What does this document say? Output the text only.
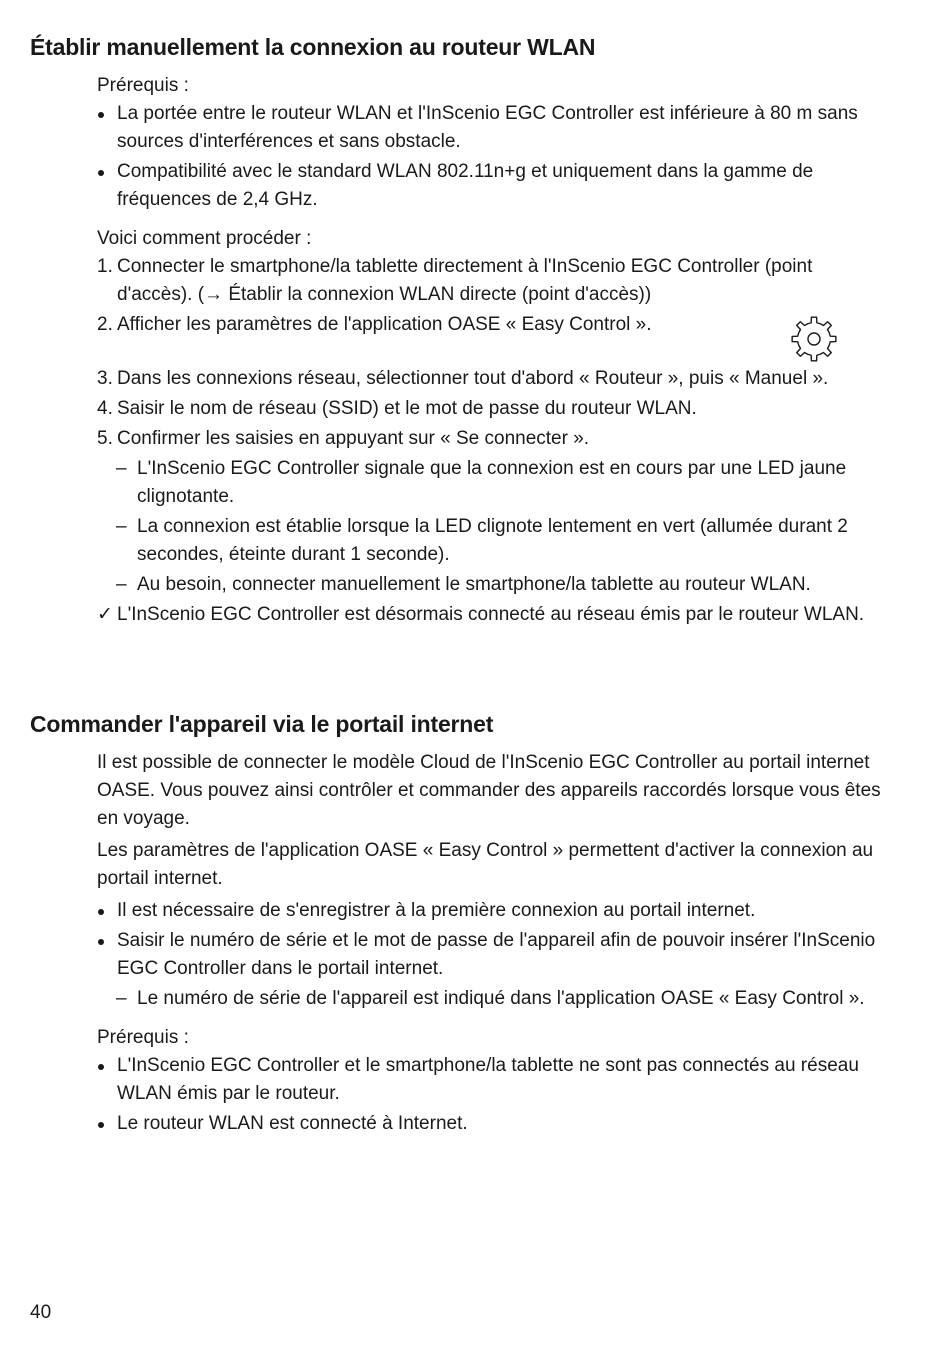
Établir manuellement la connexion au routeur WLAN

Prérequis :

La portée entre le routeur WLAN et l'InScenio EGC Controller est inférieure à 80 m sans sources d'interférences et sans obstacle.

Compatibilité avec le standard WLAN 802.11n+g et uniquement dans la gamme de fréquences de 2,4 GHz.

Voici comment procéder :

1. Connecter le smartphone/la tablette directement à l'InScenio EGC Controller (point d'accès). (→ Établir la connexion WLAN directe (point d'accès))

2. Afficher les paramètres de l'application OASE « Easy Control ».

3. Dans les connexions réseau, sélectionner tout d'abord « Routeur », puis « Manuel ».

4. Saisir le nom de réseau (SSID) et le mot de passe du routeur WLAN.

5. Confirmer les saisies en appuyant sur « Se connecter ».

– L'InScenio EGC Controller signale que la connexion est en cours par une LED jaune clignotante.

– La connexion est établie lorsque la LED clignote lentement en vert (allumée durant 2 secondes, éteinte durant 1 seconde).

– Au besoin, connecter manuellement le smartphone/la tablette au routeur WLAN.

✓ L'InScenio EGC Controller est désormais connecté au réseau émis par le routeur WLAN.

Commander l'appareil via le portail internet

Il est possible de connecter le modèle Cloud de l'InScenio EGC Controller au portail internet OASE. Vous pouvez ainsi contrôler et commander des appareils raccordés lorsque vous êtes en voyage.

Les paramètres de l'application OASE « Easy Control » permettent d'activer la connexion au portail internet.

Il est nécessaire de s'enregistrer à la première connexion au portail internet.

Saisir le numéro de série et le mot de passe de l'appareil afin de pouvoir insérer l'InScenio EGC Controller dans le portail internet.

– Le numéro de série de l'appareil est indiqué dans l'application OASE « Easy Control ».

Prérequis :

L'InScenio EGC Controller et le smartphone/la tablette ne sont pas connectés au réseau WLAN émis par le routeur.

Le routeur WLAN est connecté à Internet.

40
